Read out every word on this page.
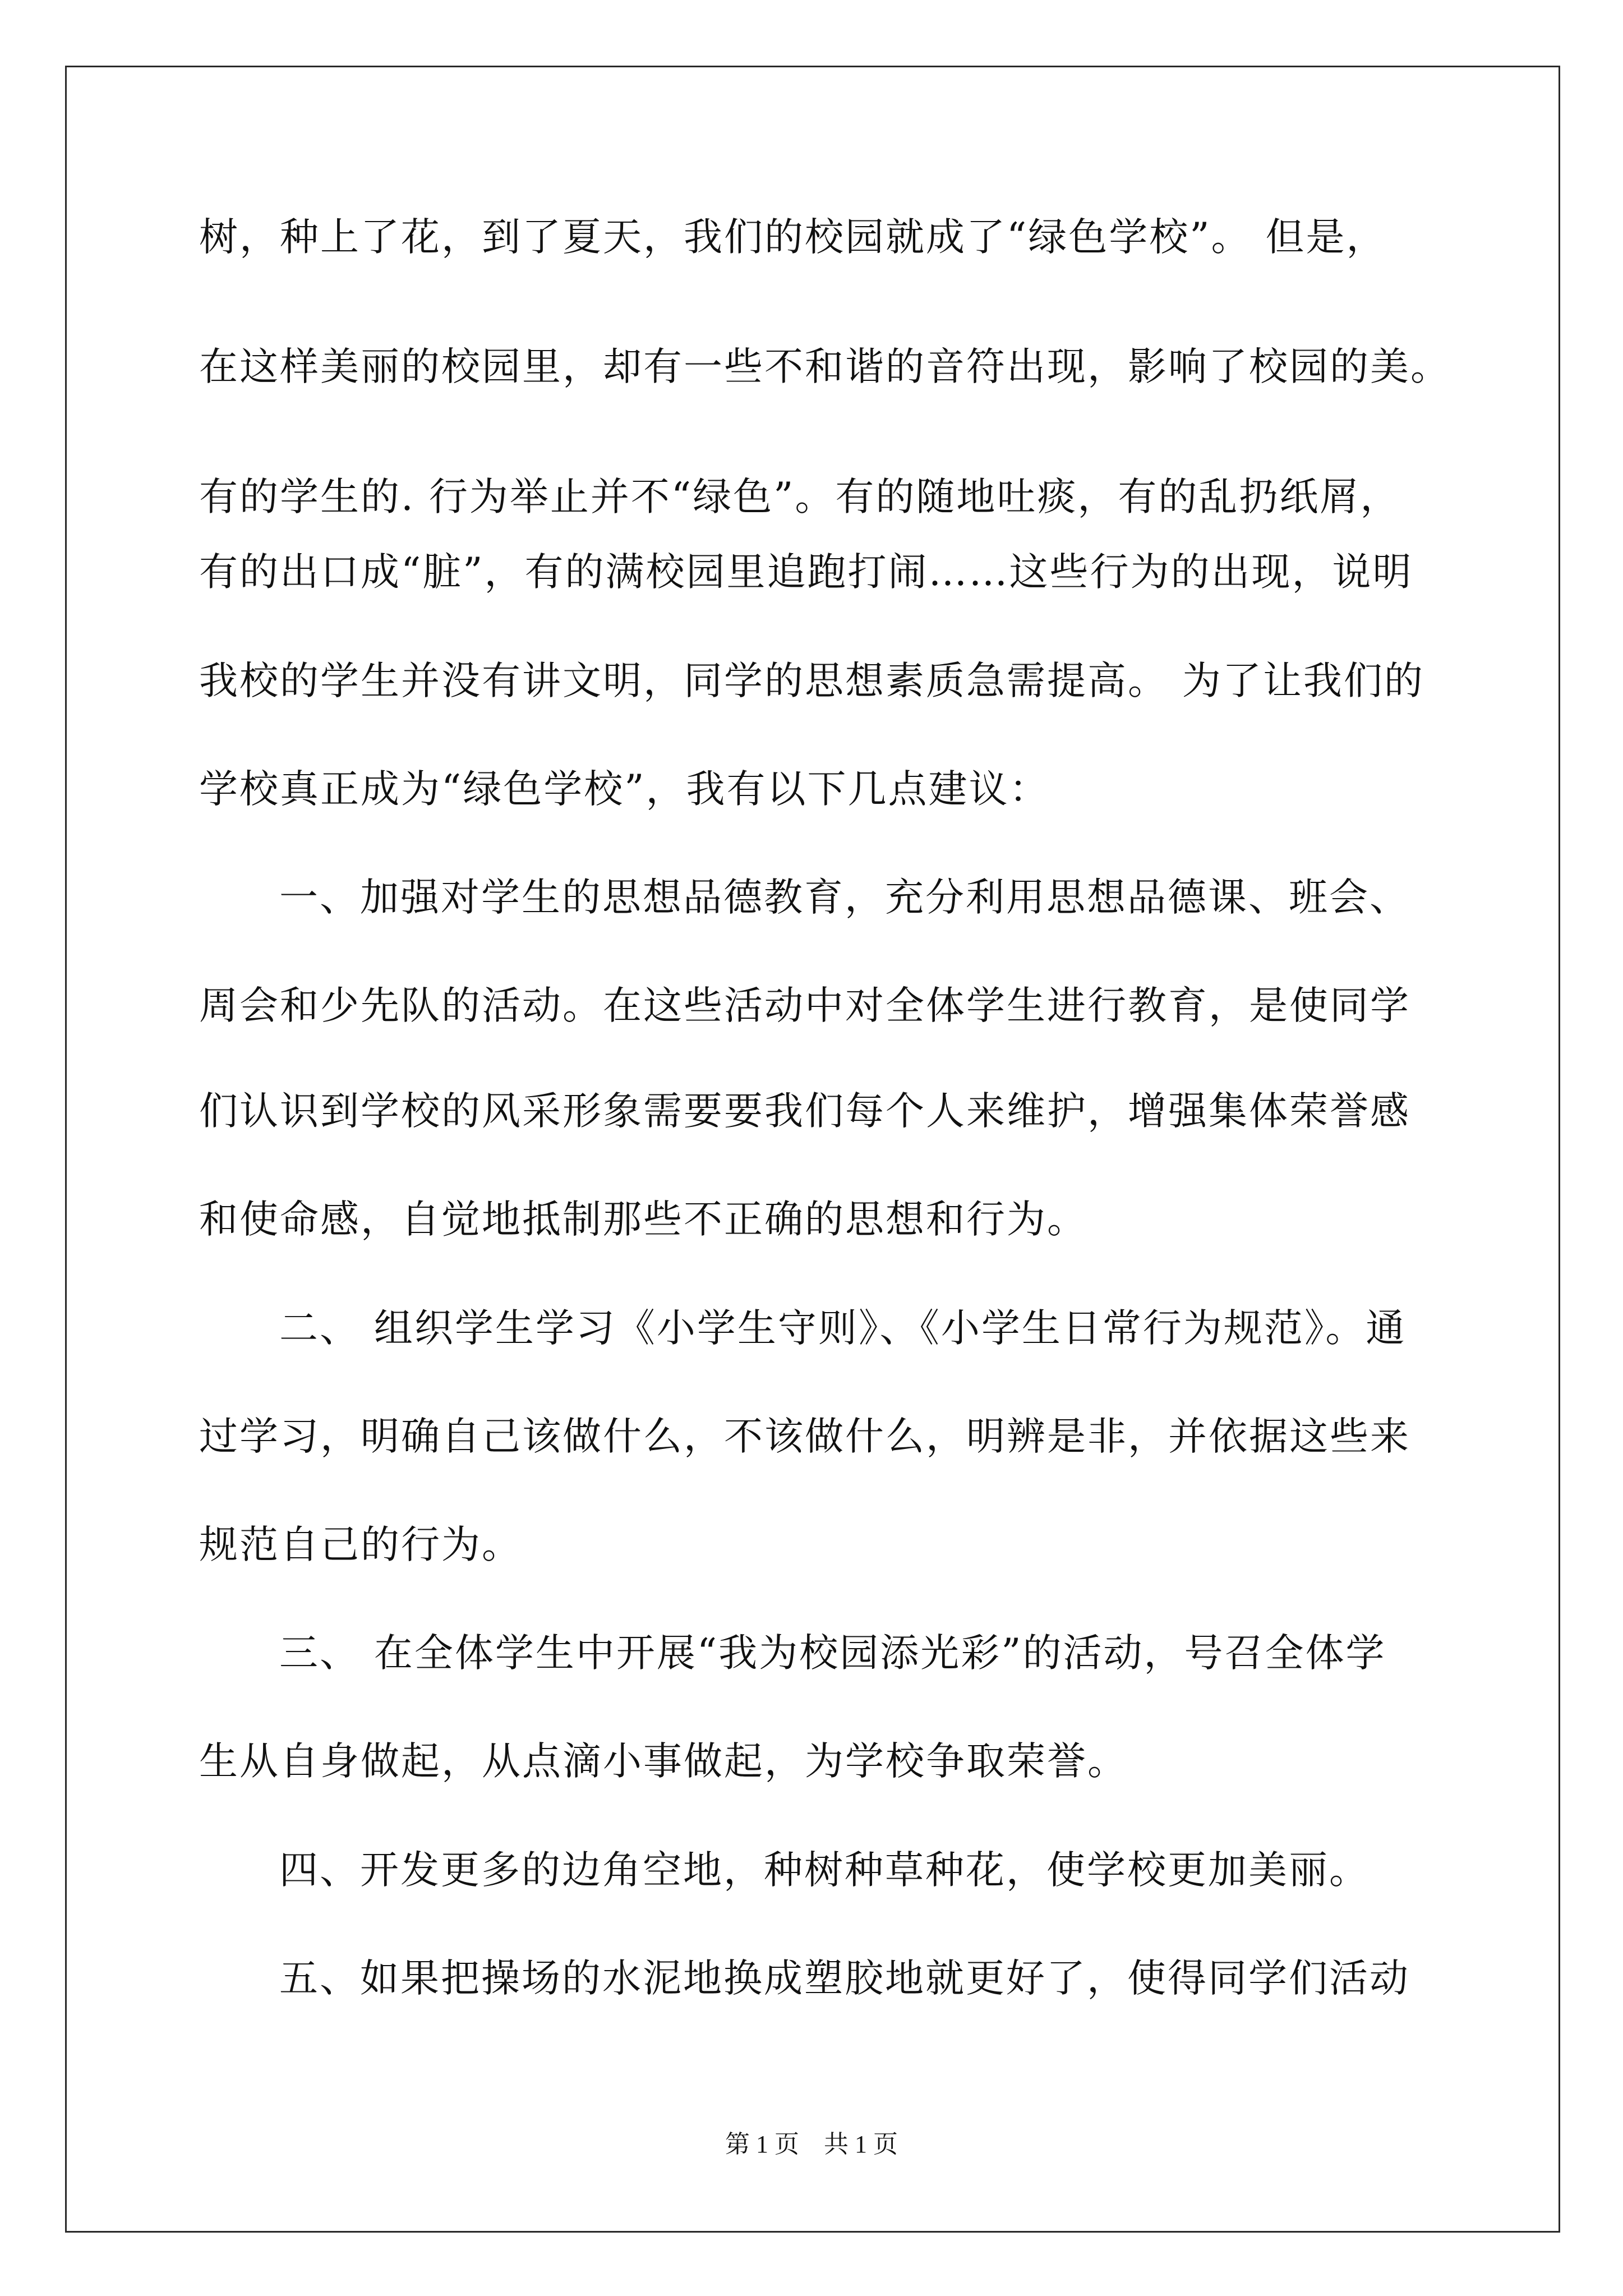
树，种上了花，到了夏天，我们的校园就成了“绿色学校”。 但是，
在这样美丽的校园里，却有一些不和谐的音符出现，影响了校园的美。
有的学生的. 行为举止并不“绿色”。有的随地吐痰，有的乱扔纸屑，
有的出口成“脏”，有的满校园里追跑打闹……这些行为的出现，说明
我校的学生并没有讲文明，同学的思想素质急需提高。 为了让我们的
学校真正成为“绿色学校”，我有以下几点建议：
一、加强对学生的思想品德教育，充分利用思想品德课、班会、
周会和少先队的活动。在这些活动中对全体学生进行教育，是使同学
们认识到学校的风采形象需要要我们每个人来维护，增强集体荣誉感
和使命感，自觉地抵制那些不正确的思想和行为。
二、 组织学生学习《小学生守则》、《小学生日常行为规范》。通
过学习，明确自己该做什么，不该做什么，明辨是非，并依据这些来
规范自己的行为。
三、 在全体学生中开展“我为校园添光彩”的活动，号召全体学
生从自身做起，从点滴小事做起，为学校争取荣誉。
四、开发更多的边角空地，种树种草种花，使学校更加美丽。
五、如果把操场的水泥地换成塑胶地就更好了，使得同学们活动
第 1 页　共 1 页
